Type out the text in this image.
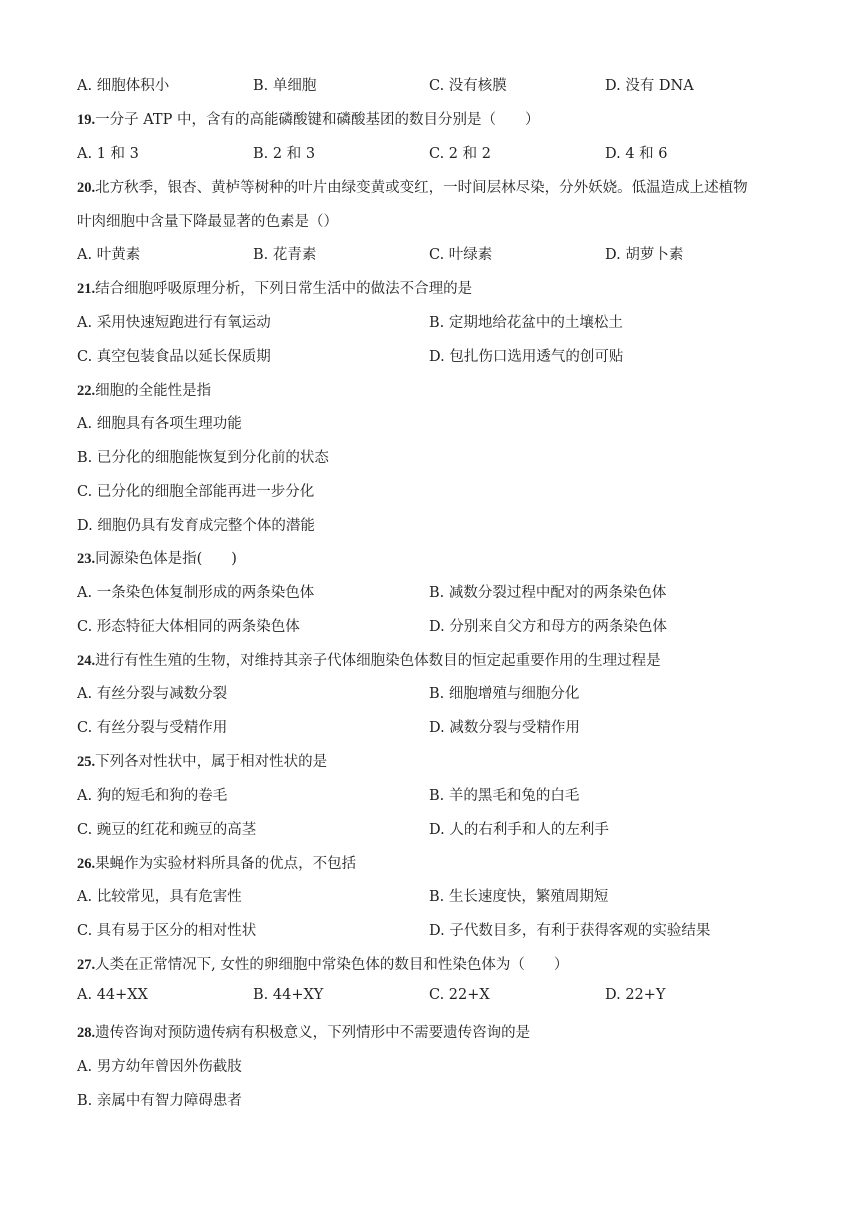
A. 细胞体积小	B. 单细胞	C. 没有核膜	D. 没有 DNA
19.一分子 ATP 中，含有的高能磷酸键和磷酸基团的数目分别是（　　）
A. 1 和 3	B. 2 和 3	C. 2 和 2	D. 4 和 6
20.北方秋季，银杏、黄栌等树种的叶片由绿变黄或变红，一时间层林尽染，分外妖娆。低温造成上述植物
叶肉细胞中含量下降最显著的色素是（）
A. 叶黄素	B. 花青素	C. 叶绿素	D. 胡萝卜素
21.结合细胞呼吸原理分析，下列日常生活中的做法不合理的是
A. 采用快速短跑进行有氧运动	B. 定期地给花盆中的土壤松土
C. 真空包装食品以延长保质期	D. 包扎伤口选用透气的创可贴
22.细胞的全能性是指
A. 细胞具有各项生理功能
B. 已分化的细胞能恢复到分化前的状态
C. 已分化的细胞全部能再进一步分化
D. 细胞仍具有发育成完整个体的潜能
23.同源染色体是指(　　)
A. 一条染色体复制形成的两条染色体	B. 减数分裂过程中配对的两条染色体
C. 形态特征大体相同的两条染色体	D. 分别来自父方和母方的两条染色体
24.进行有性生殖的生物，对维持其亲子代体细胞染色体数目的恒定起重要作用的生理过程是
A. 有丝分裂与减数分裂	B. 细胞增殖与细胞分化
C. 有丝分裂与受精作用	D. 减数分裂与受精作用
25.下列各对性状中，属于相对性状的是
A. 狗的短毛和狗的卷毛	B. 羊的黑毛和兔的白毛
C. 豌豆的红花和豌豆的高茎	D. 人的右利手和人的左利手
26.果蝇作为实验材料所具备的优点，不包括
A. 比较常见，具有危害性	B. 生长速度快，繁殖周期短
C. 具有易于区分的相对性状	D. 子代数目多，有利于获得客观的实验结果
27.人类在正常情况下, 女性的卵细胞中常染色体的数目和性染色体为（　　）
A. 44+XX	B. 44+XY	C. 22+X	D. 22+Y
28.遗传咨询对预防遗传病有积极意义，下列情形中不需要遗传咨询的是
A. 男方幼年曾因外伤截肢
B. 亲属中有智力障碍患者
